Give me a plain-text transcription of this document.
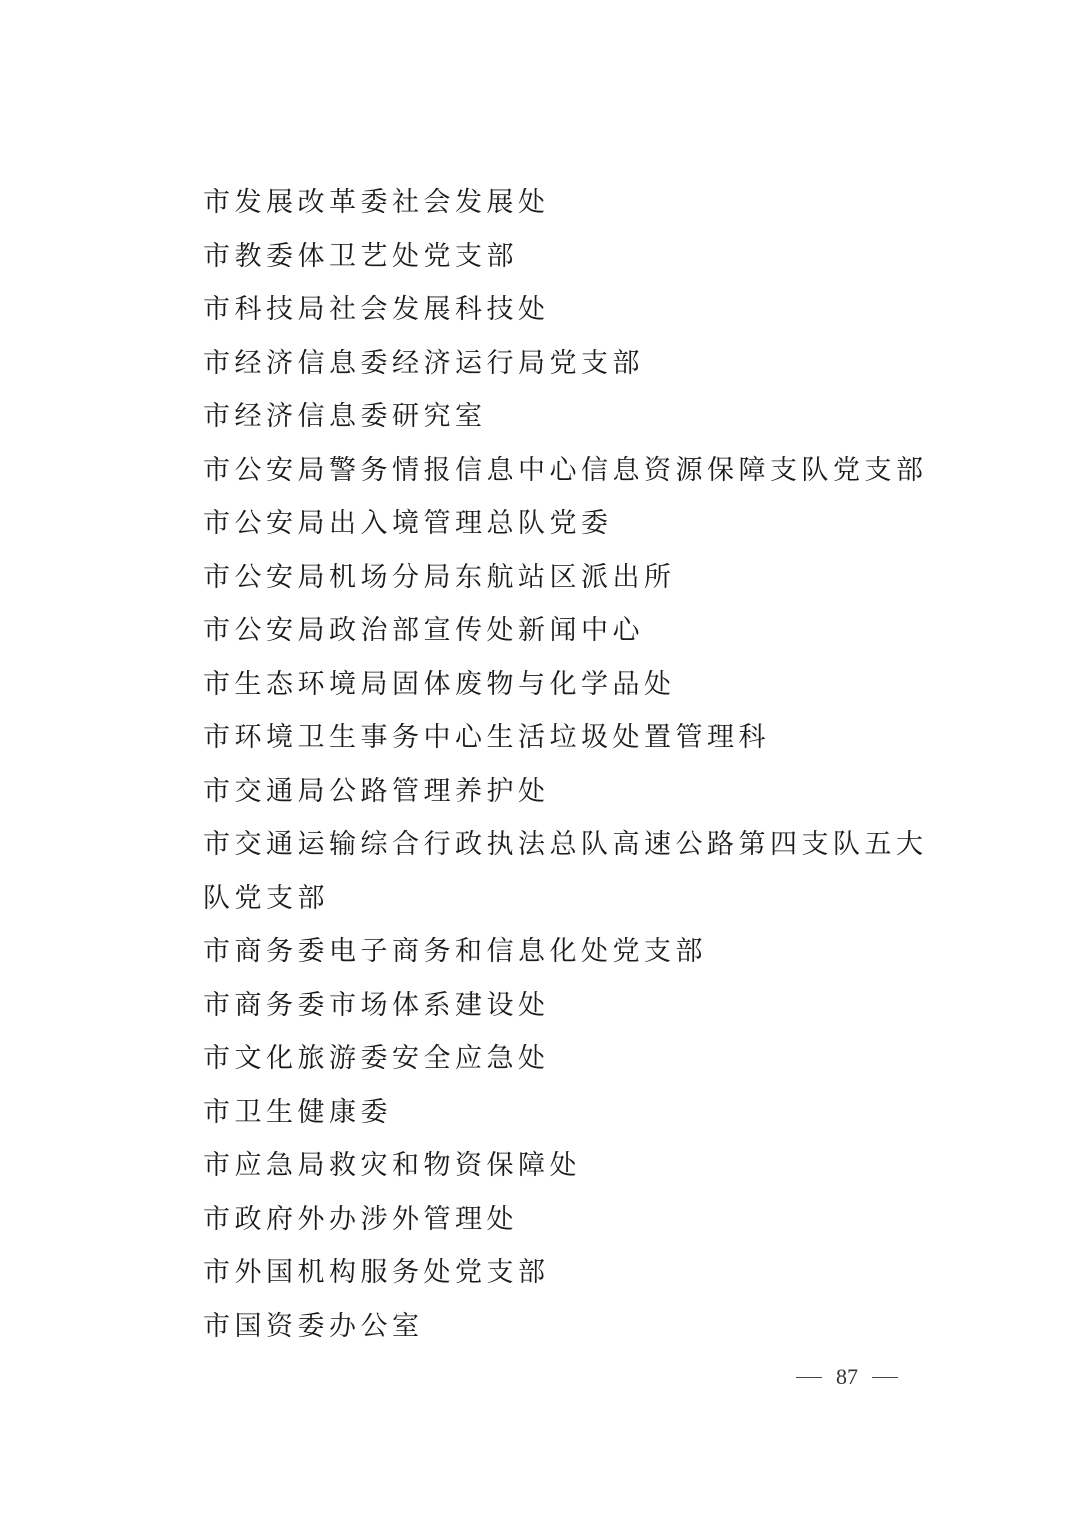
市发展改革委社会发展处
市教委体卫艺处党支部
市科技局社会发展科技处
市经济信息委经济运行局党支部
市经济信息委研究室
市公安局警务情报信息中心信息资源保障支队党支部
市公安局出入境管理总队党委
市公安局机场分局东航站区派出所
市公安局政治部宣传处新闻中心
市生态环境局固体废物与化学品处
市环境卫生事务中心生活垃圾处置管理科
市交通局公路管理养护处
市交通运输综合行政执法总队高速公路第四支队五大队党支部
市商务委电子商务和信息化处党支部
市商务委市场体系建设处
市文化旅游委安全应急处
市卫生健康委
市应急局救灾和物资保障处
市政府外办涉外管理处
市外国机构服务处党支部
市国资委办公室
87
